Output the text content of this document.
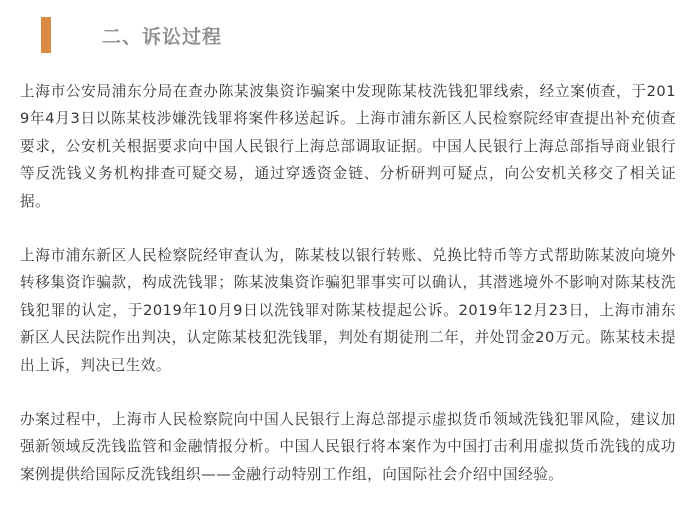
二、诉讼过程

上海市公安局浦东分局在查办陈某波集资诈骗案中发现陈某枝洗钱犯罪线索，经立案侦查，于2019年4月3日以陈某枝涉嫌洗钱罪将案件移送起诉。上海市浦东新区人民检察院经审查提出补充侦查要求，公安机关根据要求向中国人民银行上海总部调取证据。中国人民银行上海总部指导商业银行等反洗钱义务机构排查可疑交易，通过穿透资金链、分析研判可疑点，向公安机关移交了相关证据。

上海市浦东新区人民检察院经审查认为，陈某枝以银行转账、兑换比特币等方式帮助陈某波向境外转移集资诈骗款，构成洗钱罪；陈某波集资诈骗犯罪事实可以确认，其潜逃境外不影响对陈某枝洗钱犯罪的认定，于2019年10月9日以洗钱罪对陈某枝提起公诉。2019年12月23日，上海市浦东新区人民法院作出判决，认定陈某枝犯洗钱罪，判处有期徒刑二年，并处罚金20万元。陈某枝未提出上诉，判决已生效。

办案过程中，上海市人民检察院向中国人民银行上海总部提示虚拟货币领域洗钱犯罪风险，建议加强新领域反洗钱监管和金融情报分析。中国人民银行将本案作为中国打击利用虚拟货币洗钱的成功案例提供给国际反洗钱组织——金融行动特别工作组，向国际社会介绍中国经验。
